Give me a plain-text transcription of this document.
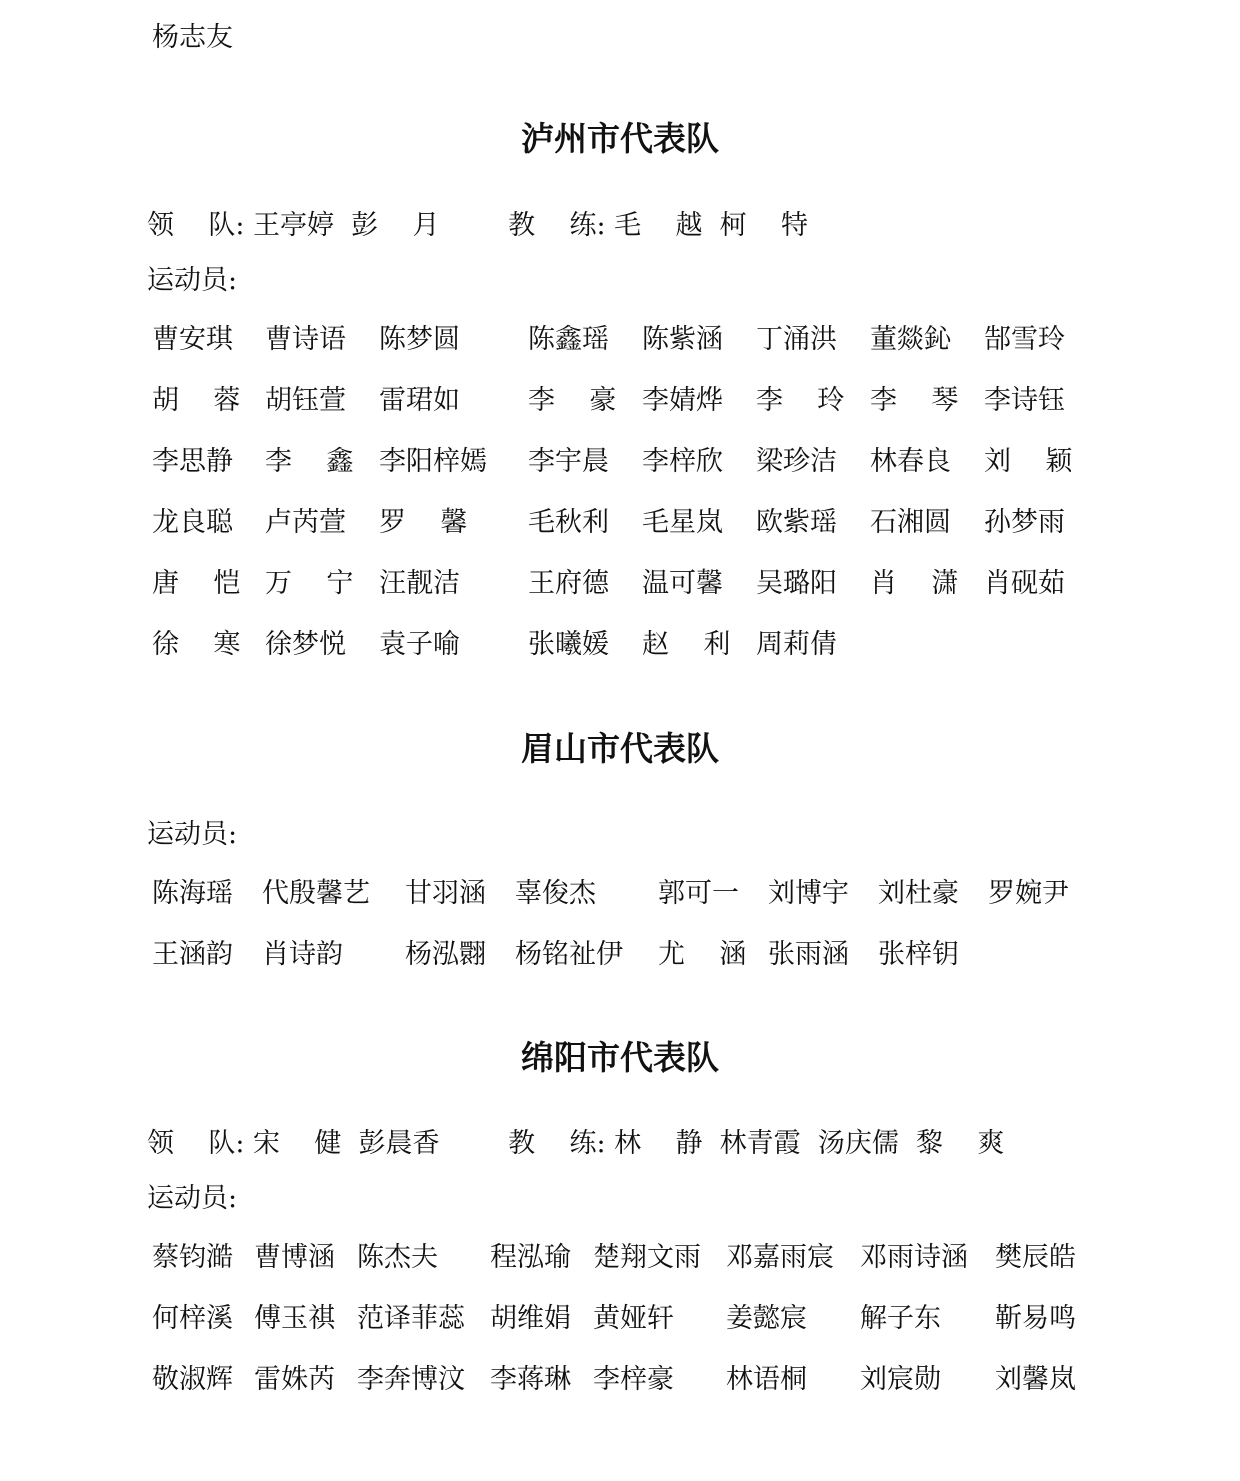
杨志友
泸州市代表队
领    队: 王亭婷  彭    月        教    练: 毛    越  柯    特
运动员:
曹安琪 曹诗语 陈梦圆	陈鑫瑶 陈紫涵 丁涌洪 董燚鈊 郜雪玲
胡    蓉 胡钰萱 雷珺如	李    豪 李婧烨 李    玲 李    琴 李诗钰
李思静 李    鑫 李阳梓嫣 李宇晨 李梓欣 梁珍洁 林春良 刘    颖
龙良聪 卢芮萱 罗    馨 毛秋利 毛星岚 欧紫瑶 石湘圆 孙梦雨
唐    恺 万    宁 汪靓洁	王府德 温可馨 吴璐阳 肖    潇 肖砚茹
徐    寒 徐梦悦 袁子喻	张曦媛 赵    利 周莉倩
眉山市代表队
运动员:
陈海瑶 代殷馨艺 甘羽涵 辜俊杰 郭可一 刘博宇 刘杜豪 罗婉尹
王涵韵 肖诗韵 杨泓翾 杨铭祉伊 尤    涵 张雨涵 张梓钥
绵阳市代表队
领    队: 宋    健  彭晨香        教    练: 林    静  林青霞  汤庆儒  黎    爽
运动员:
蔡钧澔 曹博涵 陈杰夫 程泓瑜 楚翔文雨 邓嘉雨宸 邓雨诗涵 樊辰皓
何梓溪 傅玉祺 范译菲蕊 胡维娟 黄娅轩 姜懿宸 解子东 靳易鸣
敬淑辉 雷姝芮 李奔博汶 李蒋琳 李梓豪 林语桐 刘宸勋 刘馨岚
